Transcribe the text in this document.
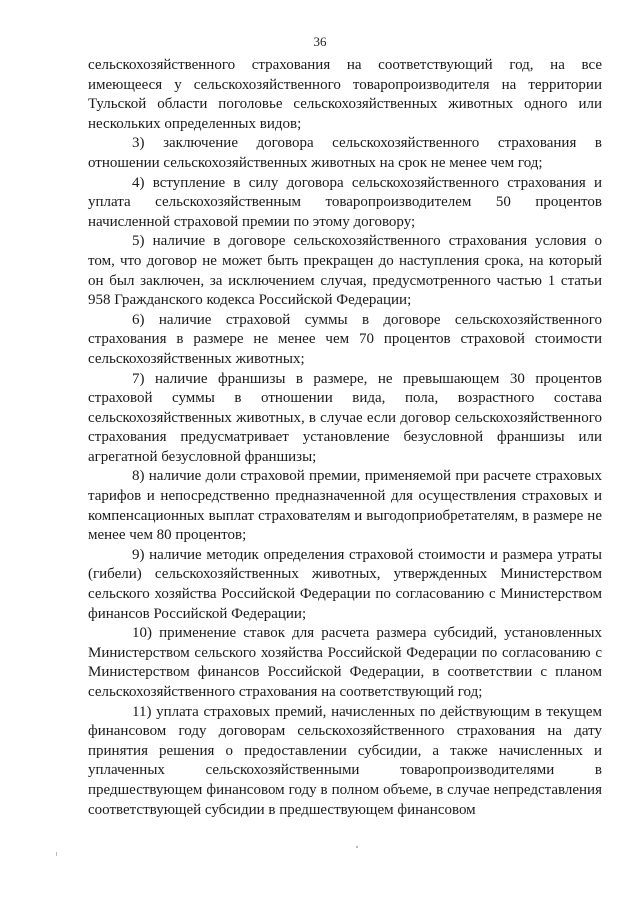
36

сельскохозяйственного страхования на соответствующий год, на все имеющееся у сельскохозяйственного товаропроизводителя на территории Тульской области поголовье сельскохозяйственных животных одного или нескольких определенных видов;

3) заключение договора сельскохозяйственного страхования в отношении сельскохозяйственных животных на срок не менее чем год;

4) вступление в силу договора сельскохозяйственного страхования и уплата сельскохозяйственным товаропроизводителем 50 процентов начисленной страховой премии по этому договору;

5) наличие в договоре сельскохозяйственного страхования условия о том, что договор не может быть прекращен до наступления срока, на который он был заключен, за исключением случая, предусмотренного частью 1 статьи 958 Гражданского кодекса Российской Федерации;

6) наличие страховой суммы в договоре сельскохозяйственного страхования в размере не менее чем 70 процентов страховой стоимости сельскохозяйственных животных;

7) наличие франшизы в размере, не превышающем 30 процентов страховой суммы в отношении вида, пола, возрастного состава сельскохозяйственных животных, в случае если договор сельскохозяйственного страхования предусматривает установление безусловной франшизы или агрегатной безусловной франшизы;

8) наличие доли страховой премии, применяемой при расчете страховых тарифов и непосредственно предназначенной для осуществления страховых и компенсационных выплат страхователям и выгодоприобретателям, в размере не менее чем 80 процентов;

9) наличие методик определения страховой стоимости и размера утраты (гибели) сельскохозяйственных животных, утвержденных Министерством сельского хозяйства Российской Федерации по согласованию с Министерством финансов Российской Федерации;

10) применение ставок для расчета размера субсидий, установленных Министерством сельского хозяйства Российской Федерации по согласованию с Министерством финансов Российской Федерации, в соответствии с планом сельскохозяйственного страхования на соответствующий год;

11) уплата страховых премий, начисленных по действующим в текущем финансовом году договорам сельскохозяйственного страхования на дату принятия решения о предоставлении субсидии, а также начисленных и уплаченных сельскохозяйственными товаропроизводителями в предшествующем финансовом году в полном объеме, в случае непредставления соответствующей субсидии в предшествующем финансовом
